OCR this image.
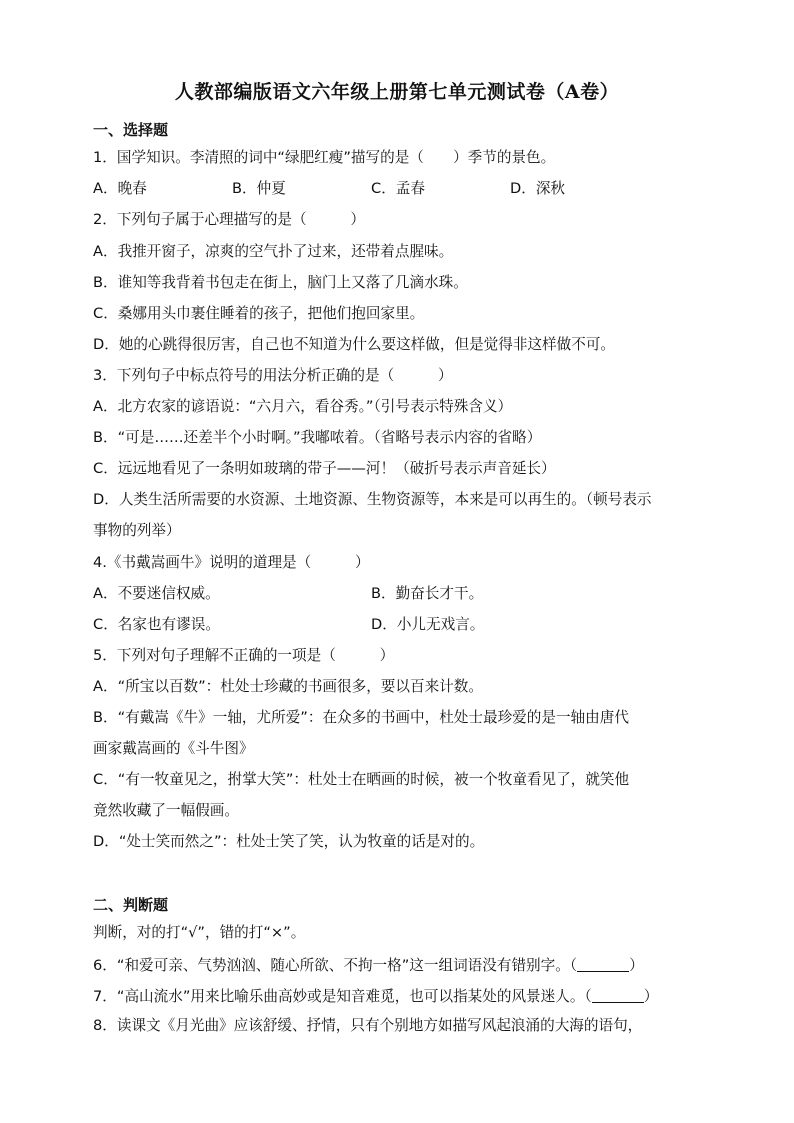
人教部编版语文六年级上册第七单元测试卷（A卷）
一、选择题
1．国学知识。李清照的词中“绿肥红瘦”描写的是（　　）季节的景色。
A．晚春	B．仲夏	C．孟春	D．深秋
2．下列句子属于心理描写的是（　　　）
A．我推开窗子，凉爽的空气扑了过来，还带着点腥味。
B．谁知等我背着书包走在街上，脑门上又落了几滴水珠。
C．桑娜用头巾裹住睡着的孩子，把他们抱回家里。
D．她的心跳得很厉害，自己也不知道为什么要这样做，但是觉得非这样做不可。
3．下列句子中标点符号的用法分析正确的是（　　　）
A．北方农家的谚语说：“六月六，看谷秀。”（引号表示特殊含义）
B．“可是……还差半个小时啊。”我嘟哝着。（省略号表示内容的省略）
C．远远地看见了一条明如玻璃的带子——河！（破折号表示声音延长）
D．人类生活所需要的水资源、土地资源、生物资源等，本来是可以再生的。（顿号表示
事物的列举）
4.《书戴嵩画牛》说明的道理是（　　　）
A．不要迷信权威。	B．勤奋长才干。
C．名家也有谬误。	D．小儿无戏言。
5．下列对句子理解不正确的一项是（　　　）
A．“所宝以百数”：杜处士珍藏的书画很多，要以百来计数。
B．“有戴嵩《牛》一轴，尤所爱”：在众多的书画中，杜处士最珍爱的是一轴由唐代
画家戴嵩画的《斗牛图》
C．“有一牧童见之，拊掌大笑”：杜处士在晒画的时候，被一个牧童看见了，就笑他
竟然收藏了一幅假画。
D．“处士笑而然之”：杜处士笑了笑，认为牧童的话是对的。
二、判断题
判断，对的打“√”，错的打“×”。
6．“和爱可亲、气势汹汹、随心所欲、不拘一格”这一组词语没有错别字。（	）
7．“高山流水”用来比喻乐曲高妙或是知音难觅，也可以指某处的风景迷人。（	）
8．读课文《月光曲》应该舒缓、抒情，只有个别地方如描写风起浪涌的大海的语句，
